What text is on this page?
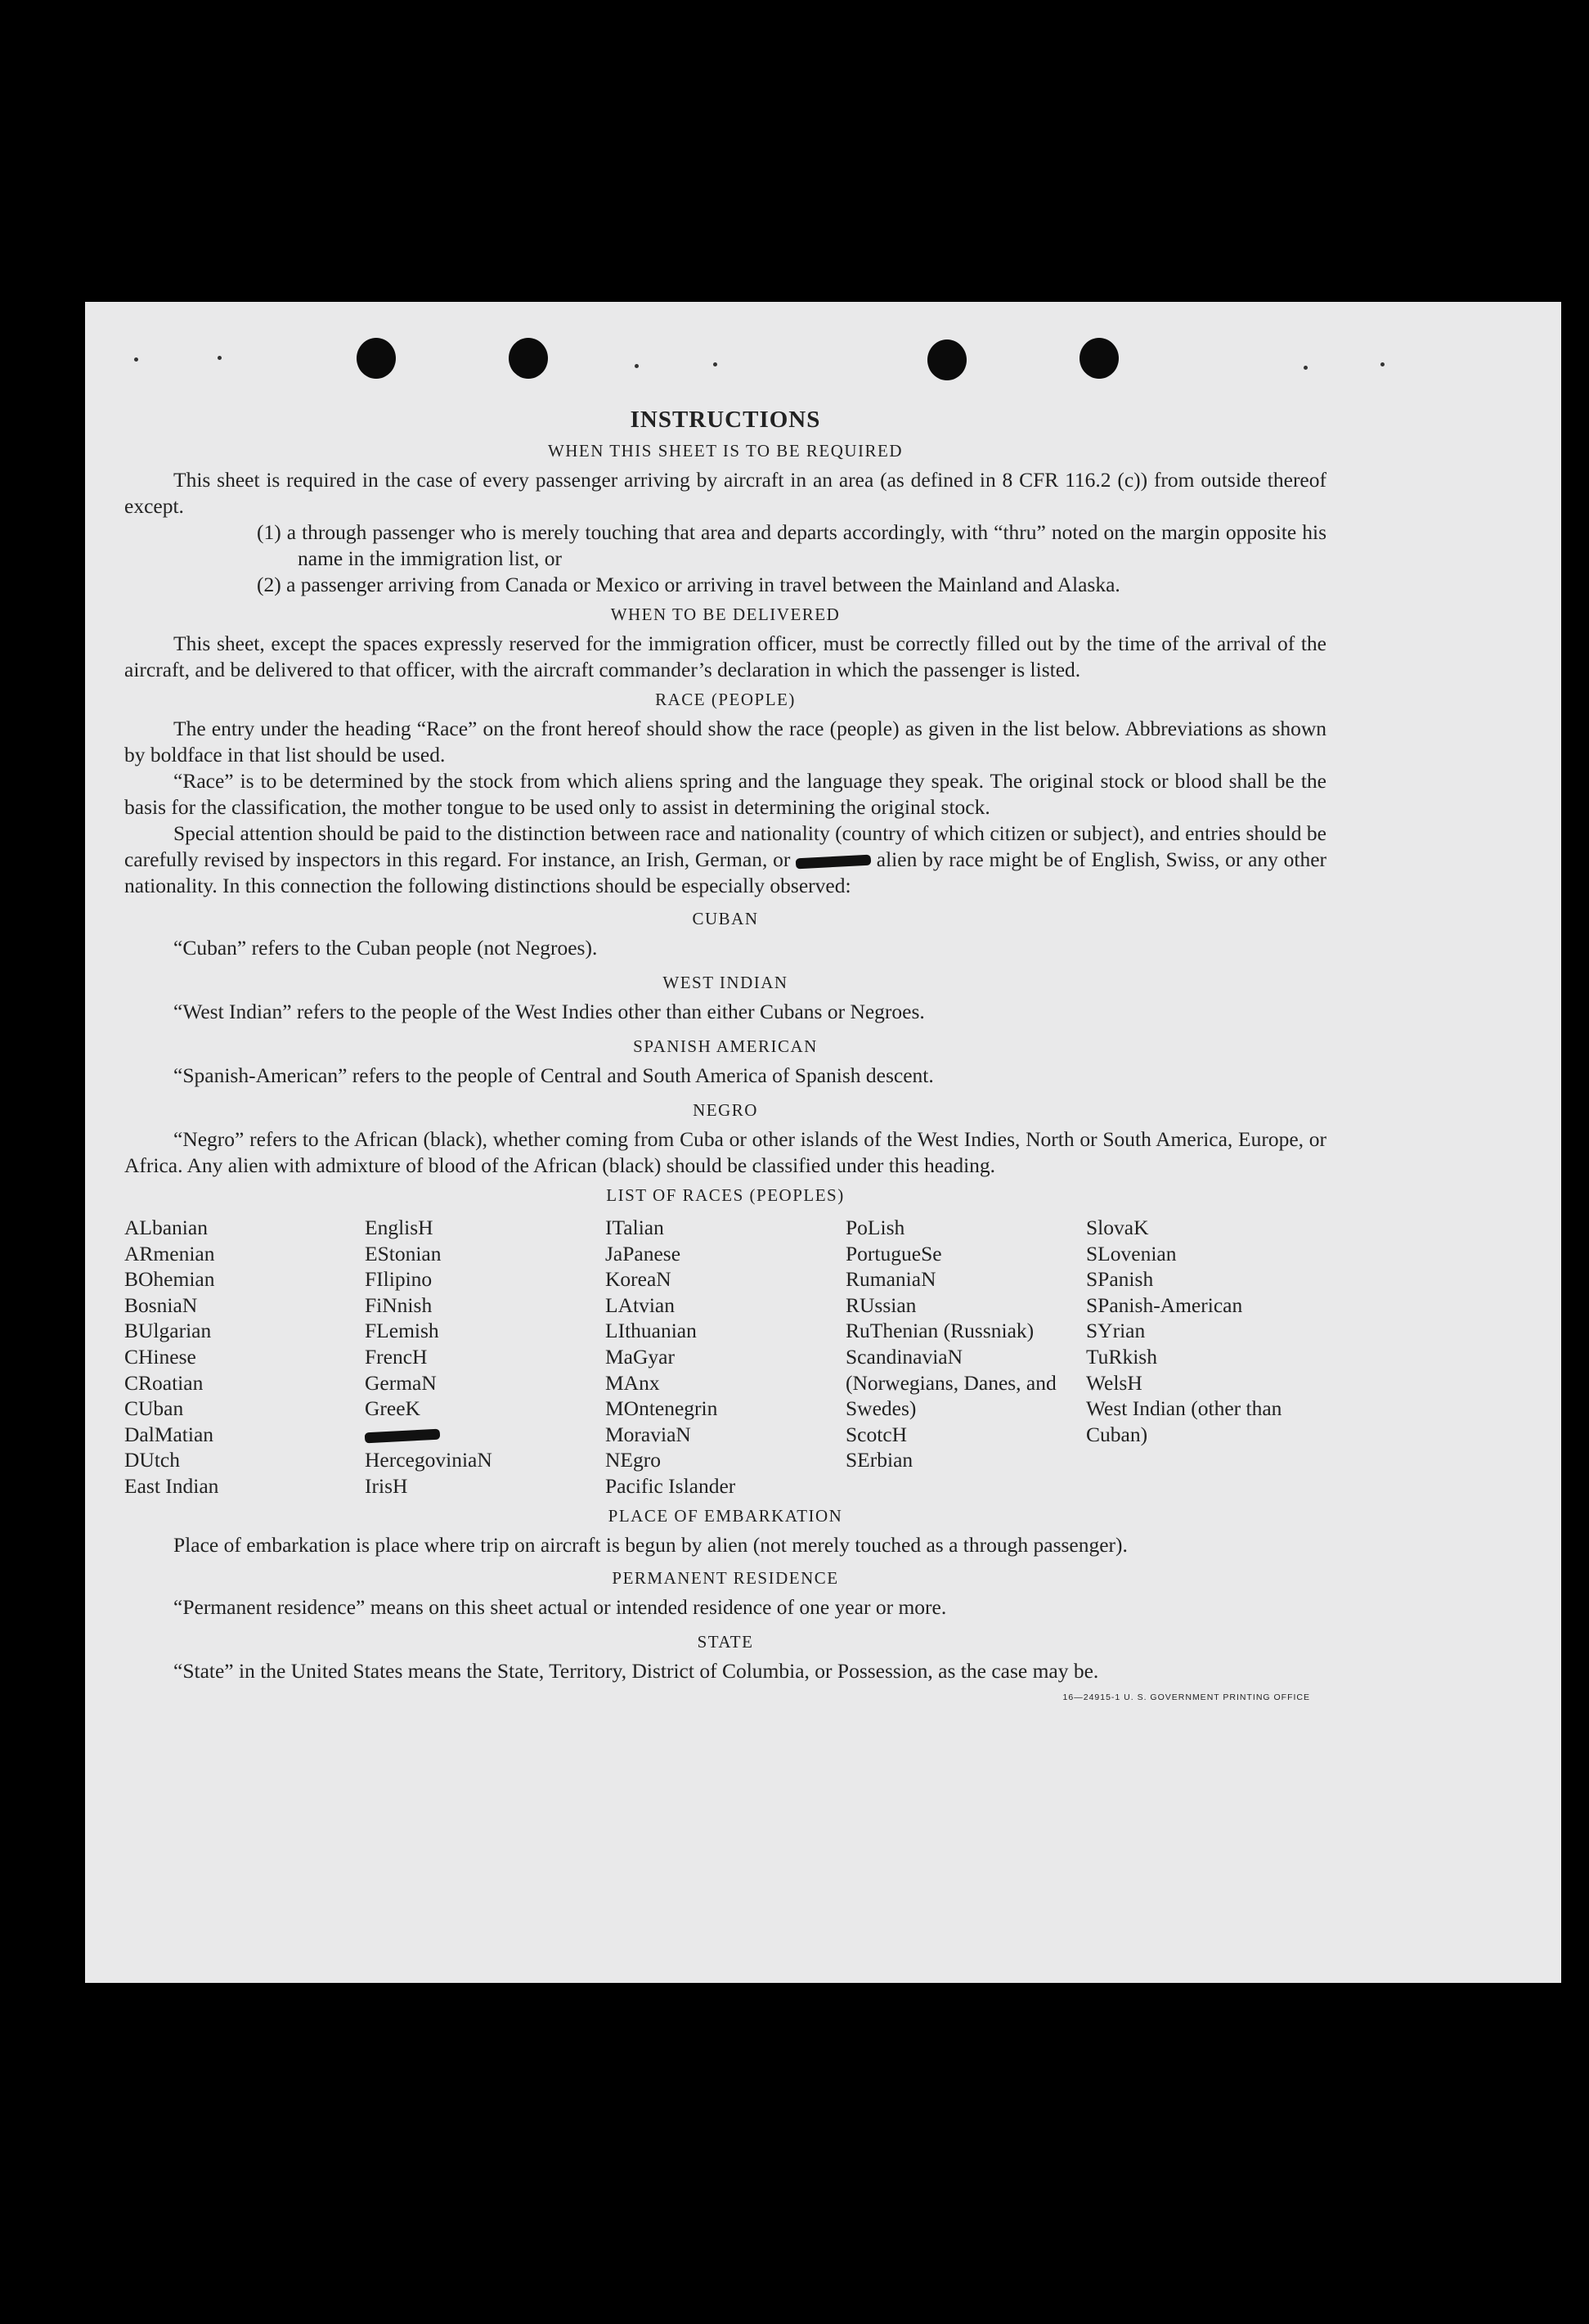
INSTRUCTIONS
WHEN THIS SHEET IS TO BE REQUIRED

This sheet is required in the case of every passenger arriving by aircraft in an area (as defined in 8 CFR 116.2 (c)) from outside thereof except.

(1) a through passenger who is merely touching that area and departs accordingly, with “thru” noted on the margin opposite his name in the immigration list, or

(2) a passenger arriving from Canada or Mexico or arriving in travel between the Mainland and Alaska.

WHEN TO BE DELIVERED

This sheet, except the spaces expressly reserved for the immigration officer, must be correctly filled out by the time of the arrival of the aircraft, and be delivered to that officer, with the aircraft commander’s declaration in which the passenger is listed.

RACE (PEOPLE)

The entry under the heading “Race” on the front hereof should show the race (people) as given in the list below. Abbreviations as shown by boldface in that list should be used.

“Race” is to be determined by the stock from which aliens spring and the language they speak. The original stock or blood shall be the basis for the classification, the mother tongue to be used only to assist in determining the original stock.

Special attention should be paid to the distinction between race and nationality (country of which citizen or subject), and entries should be carefully revised by inspectors in this regard. For instance, an Irish, German, or	alien by race might be of English, Swiss, or any other nationality. In this connection the following distinctions should be especially observed:

CUBAN

“Cuban” refers to the Cuban people (not Negroes).

WEST INDIAN

“West Indian” refers to the people of the West Indies other than either Cubans or Negroes.

SPANISH AMERICAN

“Spanish-American” refers to the people of Central and South America of Spanish descent.

NEGRO

“Negro” refers to the African (black), whether coming from Cuba or other islands of the West Indies, North or South America, Europe, or Africa. Any alien with admixture of blood of the African (black) should be classified under this heading.

LIST OF RACES (PEOPLES)
ALbanian
ARmenian
BOhemian
BosniaN
BUlgarian
CHinese
CRoatian
CUban
DalMatian
DUtch
East Indian
EnglisH
EStonian
FIlipino
FiNnish
FLemish
FrencH
GermaN
GreeK
HercegoviniaN
IrisH
ITalian
JaPanese
KoreaN
LAtvian
LIthuanian
MaGyar
MAnx
MOntenegrin
MoraviaN
NEgro
Pacific Islander
PoLish
PortugueSe
RumaniaN
RUssian
RuThenian (Russniak)
ScandinaviaN (Norwegians, Danes, and Swedes)
ScotcH
SErbian
SlovaK
SLovenian
SPanish
SPanish-American
SYrian
TuRkish
WelsH
West Indian (other than Cuban)
PLACE OF EMBARKATION

Place of embarkation is place where trip on aircraft is begun by alien (not merely touched as a through passenger).

PERMANENT RESIDENCE

“Permanent residence” means on this sheet actual or intended residence of one year or more.

STATE

“State” in the United States means the State, Territory, District of Columbia, or Possession, as the case may be.

16—24915-1 U. S. GOVERNMENT PRINTING OFFICE
